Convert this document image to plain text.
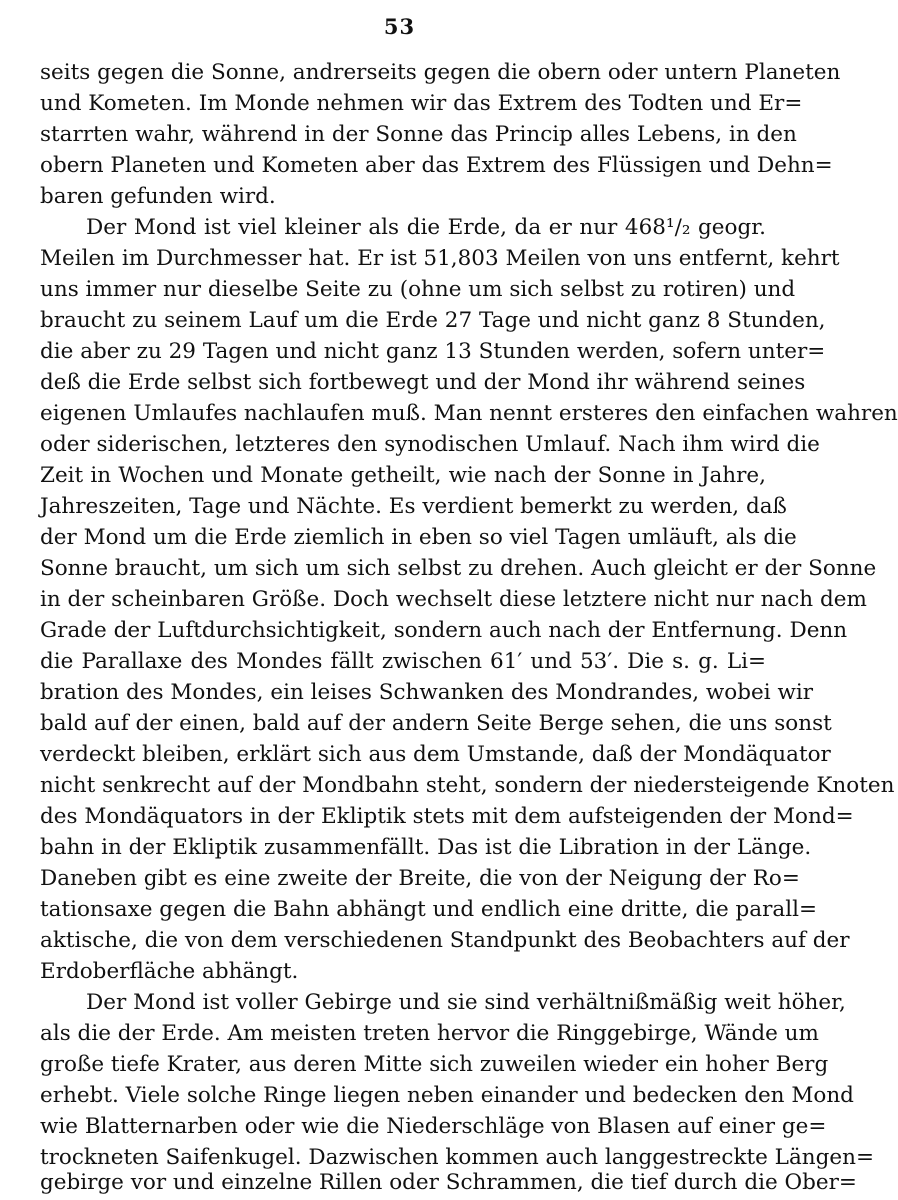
53
seits gegen die Sonne, andrerseits gegen die obern oder untern Planeten
und Kometen. Im Monde nehmen wir das Extrem des Todten und Er=
starrten wahr, während in der Sonne das Princip alles Lebens, in den
obern Planeten und Kometen aber das Extrem des Flüssigen und Dehn=
baren gefunden wird.
Der Mond ist viel kleiner als die Erde, da er nur 468¹/₂ geogr.
Meilen im Durchmesser hat. Er ist 51,803 Meilen von uns entfernt, kehrt
uns immer nur dieselbe Seite zu (ohne um sich selbst zu rotiren) und
braucht zu seinem Lauf um die Erde 27 Tage und nicht ganz 8 Stunden,
die aber zu 29 Tagen und nicht ganz 13 Stunden werden, sofern unter=
deß die Erde selbst sich fortbewegt und der Mond ihr während seines
eigenen Umlaufes nachlaufen muß. Man nennt ersteres den einfachen wahren
oder siderischen, letzteres den synodischen Umlauf. Nach ihm wird die
Zeit in Wochen und Monate getheilt, wie nach der Sonne in Jahre,
Jahreszeiten, Tage und Nächte. Es verdient bemerkt zu werden, daß
der Mond um die Erde ziemlich in eben so viel Tagen umläuft, als die
Sonne braucht, um sich um sich selbst zu drehen. Auch gleicht er der Sonne
in der scheinbaren Größe. Doch wechselt diese letztere nicht nur nach dem
Grade der Luftdurchsichtigkeit, sondern auch nach der Entfernung. Denn
die Parallaxe des Mondes fällt zwischen 61′ und 53′. Die s. g. Li=
bration des Mondes, ein leises Schwanken des Mondrandes, wobei wir
bald auf der einen, bald auf der andern Seite Berge sehen, die uns sonst
verdeckt bleiben, erklärt sich aus dem Umstande, daß der Mondäquator
nicht senkrecht auf der Mondbahn steht, sondern der niedersteigende Knoten
des Mondäquators in der Ekliptik stets mit dem aufsteigenden der Mond=
bahn in der Ekliptik zusammenfällt. Das ist die Libration in der Länge.
Daneben gibt es eine zweite der Breite, die von der Neigung der Ro=
tationsaxe gegen die Bahn abhängt und endlich eine dritte, die parall=
aktische, die von dem verschiedenen Standpunkt des Beobachters auf der
Erdoberfläche abhängt.
Der Mond ist voller Gebirge und sie sind verhältnißmäßig weit höher,
als die der Erde. Am meisten treten hervor die Ringgebirge, Wände um
große tiefe Krater, aus deren Mitte sich zuweilen wieder ein hoher Berg
erhebt. Viele solche Ringe liegen neben einander und bedecken den Mond
wie Blatternarben oder wie die Niederschläge von Blasen auf einer ge=
trockneten Saifenkugel. Dazwischen kommen auch langgestreckte Längen=
gebirge vor und einzelne Rillen oder Schrammen, die tief durch die Ober=
